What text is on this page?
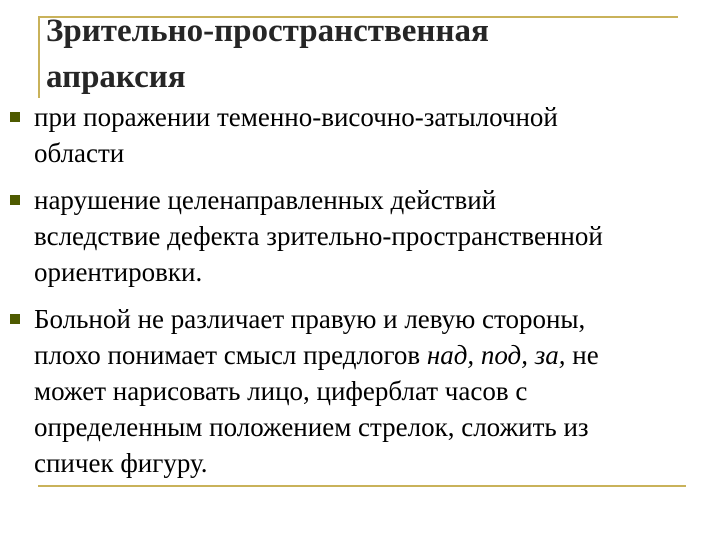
Зрительно-пространственная
апраксия
при поражении теменно-височно-затылочной
области
нарушение целенаправленных действий
вследствие дефекта зрительно-пространственной
ориентировки.
Больной не различает правую и левую стороны,
плохо понимает смысл предлогов над, под, за, не
может нарисовать лицо, циферблат часов с
определенным положением стрелок, сложить из
спичек фигуру.
